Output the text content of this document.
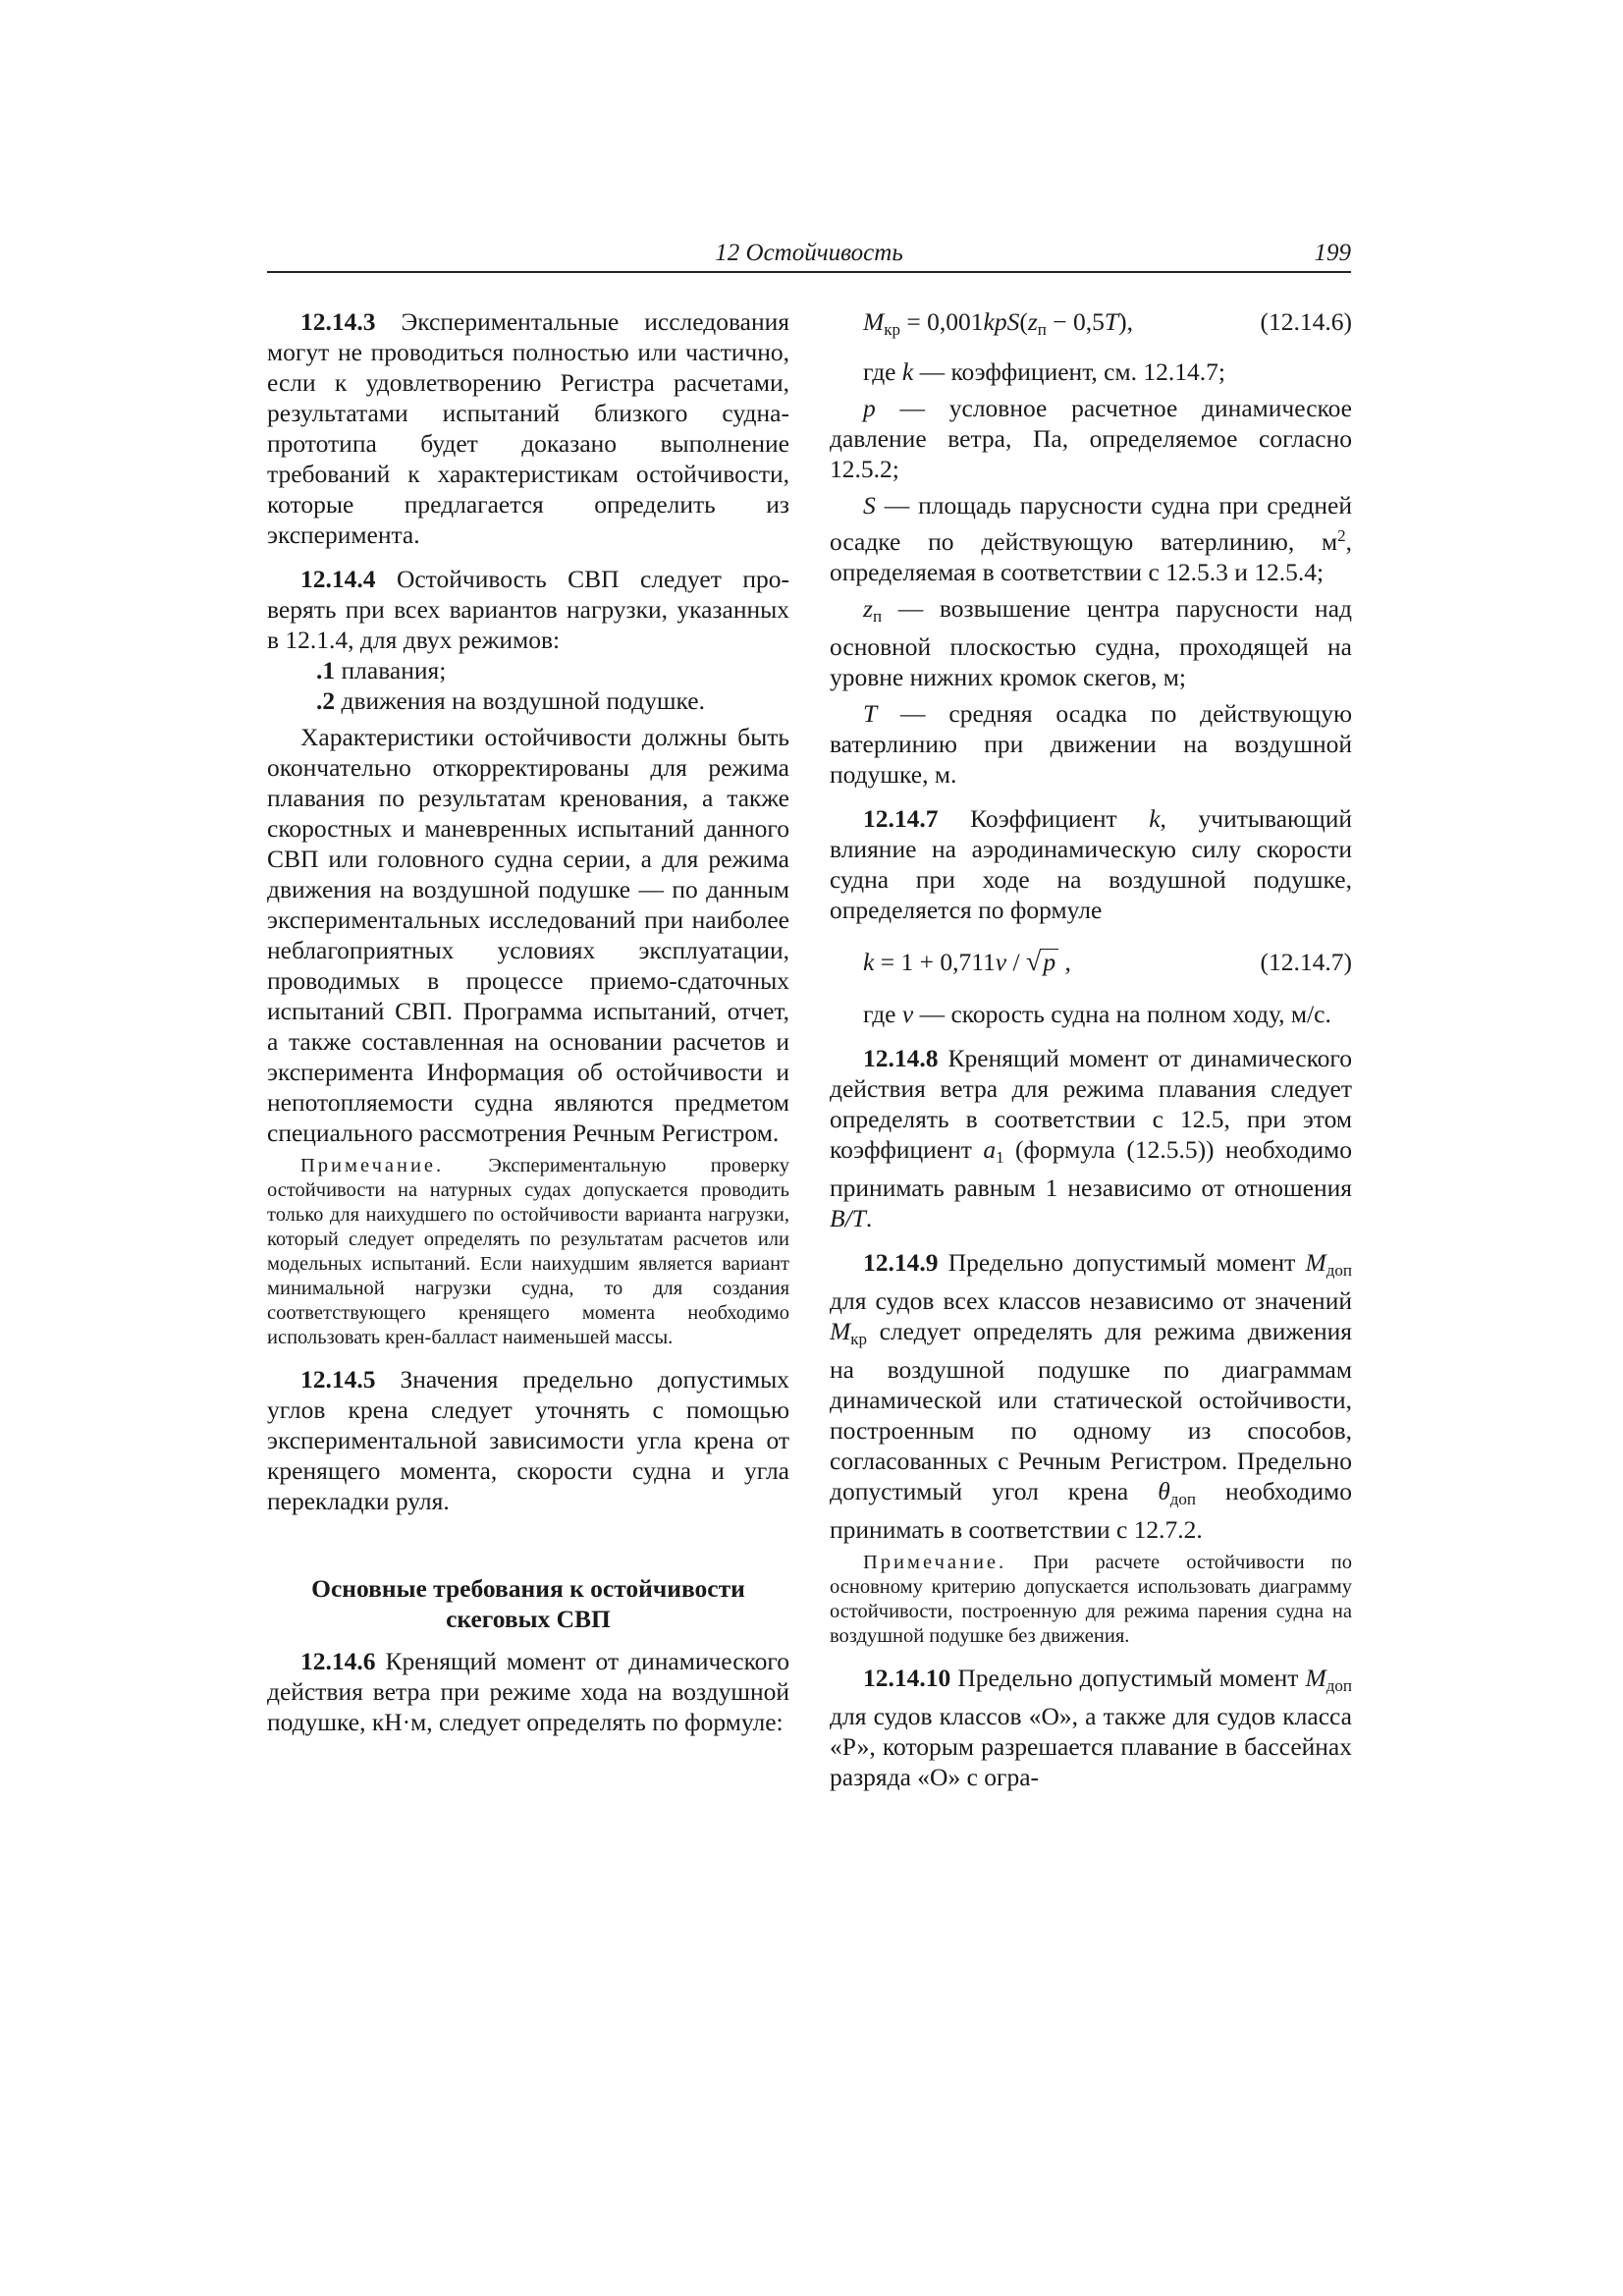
12 Остойчивость	199

12.14.3 Экспериментальные исследования могут не проводиться полностью или частично, если к удовлетворению Регистра расчетами, результатами испытаний близкого судна-прототипа будет доказано выполнение требований к характеристикам остойчивости, которые предлагается определить из эксперимента.

12.14.4 Остойчивость СВП следует проверять при всех вариантов нагрузки, указанных в 12.1.4, для двух режимов:

.1 плавания;

.2 движения на воздушной подушке.

Характеристики остойчивости должны быть окончательно откорректированы для режима плавания по результатам кренования, а также скоростных и маневренных испытаний данного СВП или головного судна серии, а для режима движения на воздушной подушке — по данным экспериментальных исследований при наиболее неблагоприятных условиях эксплуатации, проводимых в процессе приемо-сдаточных испытаний СВП. Программа испытаний, отчет, а также составленная на основании расчетов и эксперимента Информация об остойчивости и непотопляемости судна являются предметом специального рассмотрения Речным Регистром.

Примечание. Экспериментальную проверку остойчивости на натурных судах допускается проводить только для наихудшего по остойчивости варианта нагрузки, который следует определять по результатам расчетов или модельных испытаний. Если наихудшим является вариант минимальной нагрузки судна, то для создания соответствующего кренящего момента необходимо использовать крен-балласт наименьшей массы.

12.14.5 Значения предельно допустимых углов крена следует уточнять с помощью экспериментальной зависимости угла крена от кренящего момента, скорости судна и угла перекладки руля.

Основные требования к остойчивости
скеговых СВП

12.14.6 Кренящий момент от динамического действия ветра при режиме хода на воздушной подушке, кН·м, следует определять по формуле:

$M_{кр} = 0,001kpS(z_п - 0,5T)$,	(12.14.6)

где k — коэффициент, см. 12.14.7;

p — условное расчетное динамическое давление ветра, Па, определяемое согласно 12.5.2;

S — площадь парусности судна при средней осадке по действующую ватерлинию, $м^2$, определяемая в соответствии с 12.5.3 и 12.5.4;

$z_п$ — возвышение центра парусности над основной плоскостью судна, проходящей на уровне нижних кромок скегов, м;

T — средняя осадка по действующую ватерлинию при движении на воздушной подушке, м.

12.14.7 Коэффициент k, учитывающий влияние на аэродинамическую силу скорости судна при ходе на воздушной подушке, определяется по формуле

k = 1 + 0,711v / √p ,	(12.14.7)

где v — скорость судна на полном ходу, м/с.

12.14.8 Кренящий момент от динамического действия ветра для режима плавания следует определять в соответствии с 12.5, при этом коэффициент $a_1$ (формула (12.5.5)) необходимо принимать равным 1 независимо от отношения B/T.

12.14.9 Предельно допустимый момент $M_{доп}$ для судов всех классов независимо от значений $M_{кр}$ следует определять для режима движения на воздушной подушке по диаграммам динамической или статической остойчивости, построенным по одному из способов, согласованных с Речным Регистром. Предельно допустимый угол крена $\theta_{доп}$ необходимо принимать в соответствии с 12.7.2.

Примечание. При расчете остойчивости по основному критерию допускается использовать диаграмму остойчивости, построенную для режима парения судна на воздушной подушке без движения.

12.14.10 Предельно допустимый момент $M_{доп}$ для судов классов «О», а также для судов класса «Р», которым разрешается плавание в бассейнах разряда «О» с огра-
